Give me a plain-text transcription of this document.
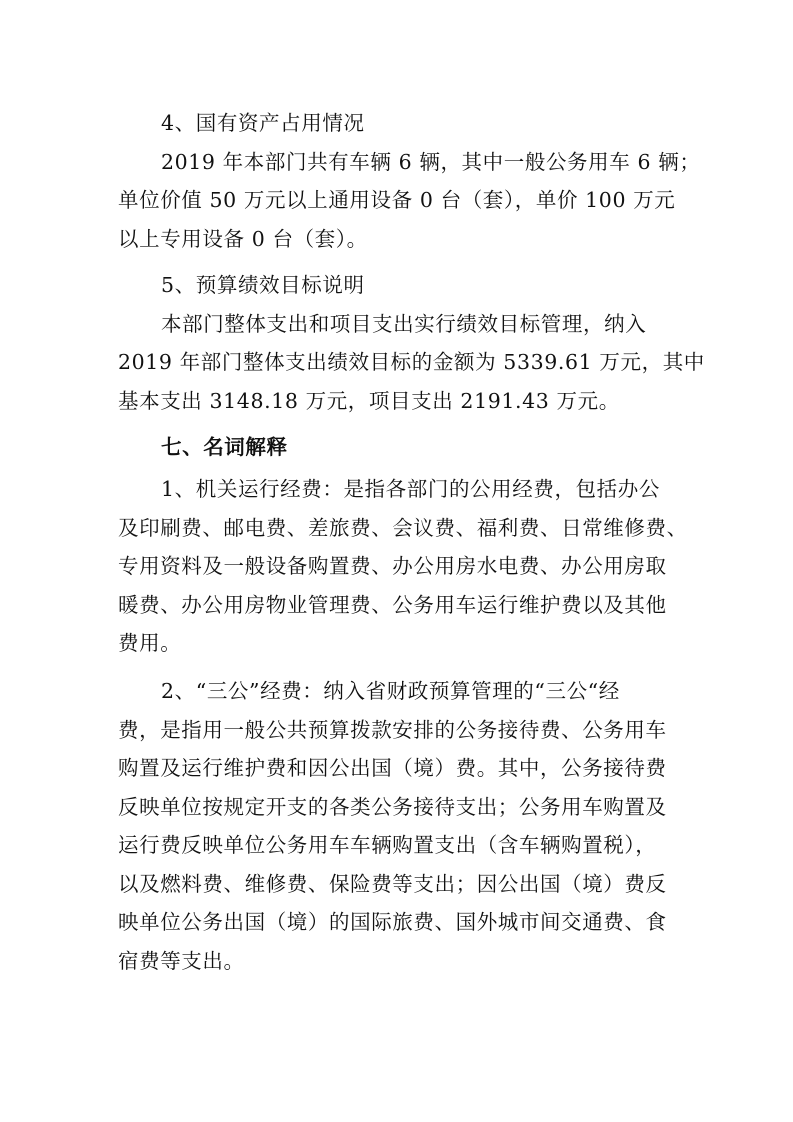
4、国有资产占用情况
2019 年本部门共有车辆 6 辆，其中一般公务用车 6 辆；
单位价值 50 万元以上通用设备 0 台（套），单价 100 万元
以上专用设备 0 台（套）。
5、预算绩效目标说明
本部门整体支出和项目支出实行绩效目标管理，纳入
2019 年部门整体支出绩效目标的金额为 5339.61 万元，其中
基本支出 3148.18 万元，项目支出 2191.43 万元。
七、名词解释
1、机关运行经费：是指各部门的公用经费，包括办公
及印刷费、邮电费、差旅费、会议费、福利费、日常维修费、
专用资料及一般设备购置费、办公用房水电费、办公用房取
暖费、办公用房物业管理费、公务用车运行维护费以及其他
费用。
2、“三公”经费：纳入省财政预算管理的“三公“经
费，是指用一般公共预算拨款安排的公务接待费、公务用车
购置及运行维护费和因公出国（境）费。其中，公务接待费
反映单位按规定开支的各类公务接待支出；公务用车购置及
运行费反映单位公务用车车辆购置支出（含车辆购置税），
以及燃料费、维修费、保险费等支出；因公出国（境）费反
映单位公务出国（境）的国际旅费、国外城市间交通费、食
宿费等支出。
